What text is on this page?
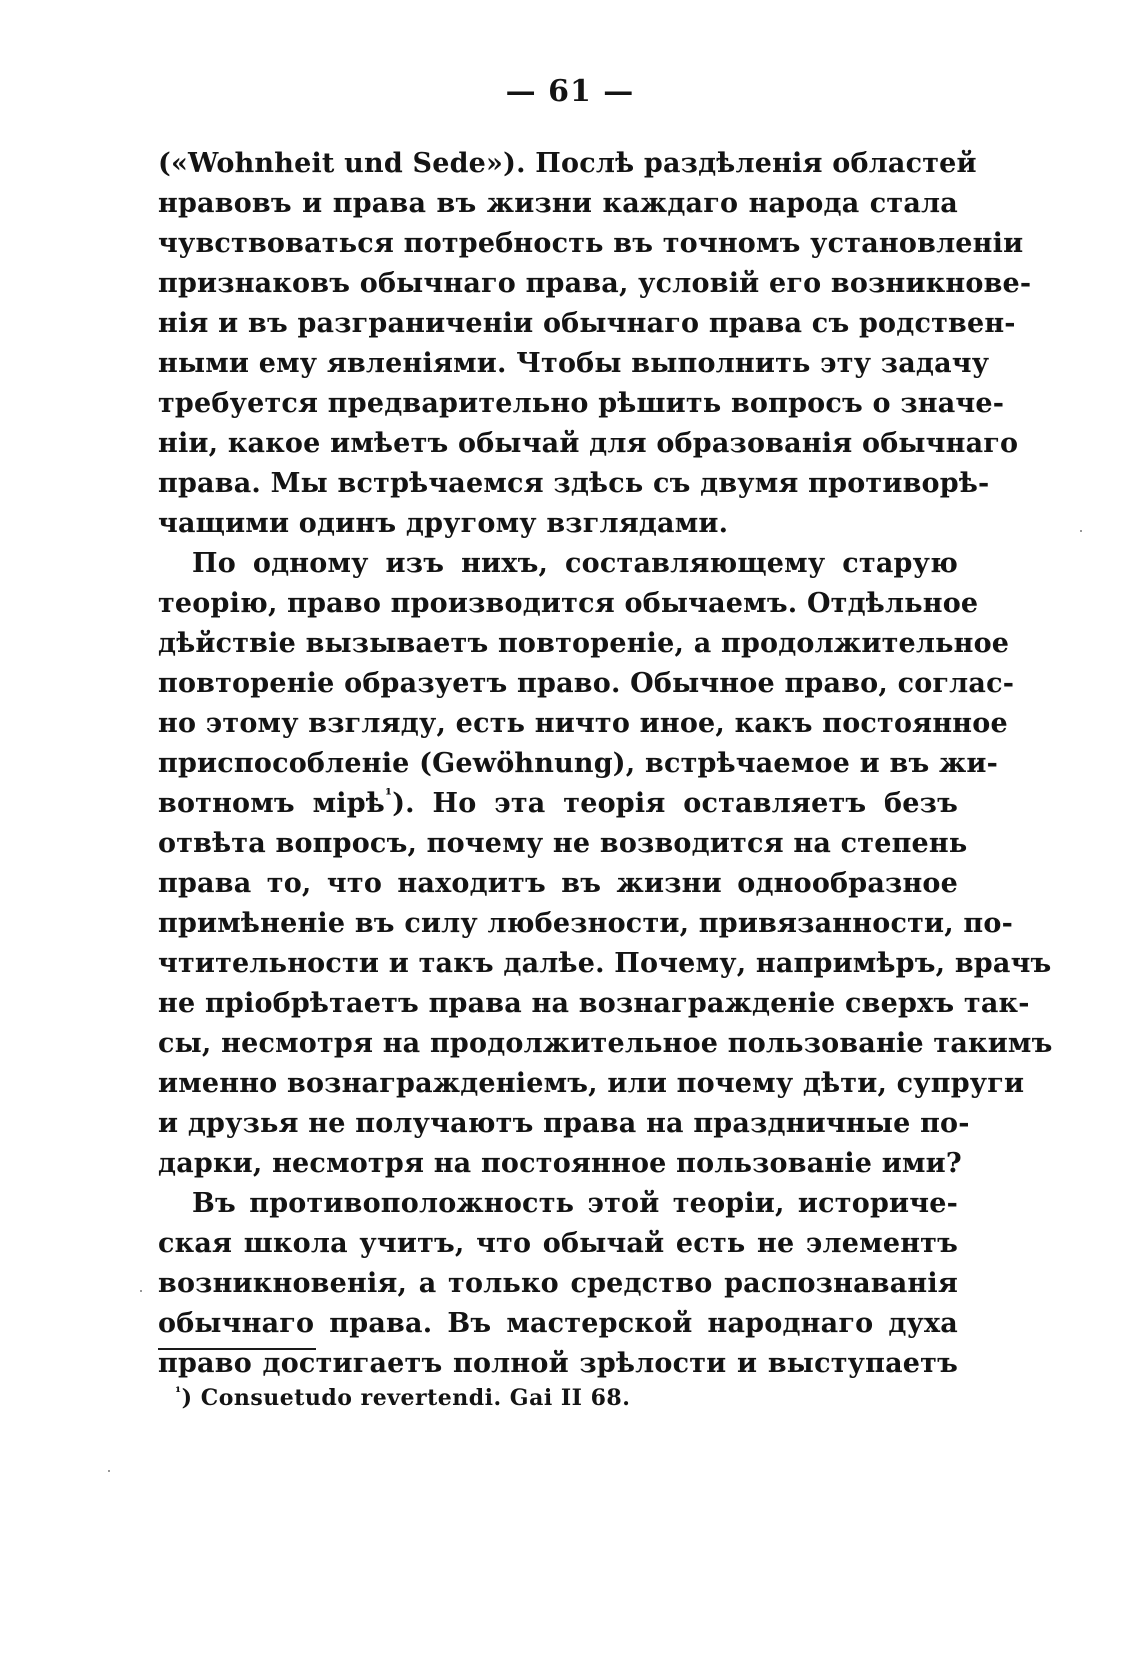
— 61 —
(«Wohnheit und Sede»). Послѣ раздѣленія областей
нравовъ и права въ жизни каждаго народа стала
чувствоваться потребность въ точномъ установленіи
признаковъ обычнаго права, условій его возникнове-
нія и въ разграниченіи обычнаго права съ родствен-
ными ему явленіями. Чтобы выполнить эту задачу
требуется предварительно рѣшить вопросъ о значе-
ніи, какое имѣетъ обычай для образованія обычнаго
права. Мы встрѣчаемся здѣсь съ двумя противорѣ-
чащими одинъ другому взглядами.
По одному изъ нихъ, составляющему старую
теорію, право производится обычаемъ. Отдѣльное
дѣйствіе вызываетъ повтореніе, а продолжительное
повтореніе образуетъ право. Обычное право, соглас-
но этому взгляду, есть ничто иное, какъ постоянное
приспособленіе (Gewöhnung), встрѣчаемое и въ жи-
вотномъ мірѣ$^{^1}$). Но эта теорія оставляетъ безъ
отвѣта вопросъ, почему не возводится на степень
права то, что находитъ въ жизни однообразное
примѣненіе въ силу любезности, привязанности, по-
чтительности и такъ далѣе. Почему, напримѣръ, врачъ
не пріобрѣтаетъ права на вознагражденіе сверхъ так-
сы, несмотря на продолжительное пользованіе такимъ
именно вознагражденіемъ, или почему дѣти, супруги
и друзья не получаютъ права на праздничные по-
дарки, несмотря на постоянное пользованіе ими?
Въ противоположность этой теоріи, историче-
ская школа учитъ, что обычай есть не элементъ
возникновенія, а только средство распознаванія
обычнаго права. Въ мастерской народнаго духа
право достигаетъ полной зрѣлости и выступаетъ
$^{^1}$) Consuetudo revertendi. Gai II 68.
